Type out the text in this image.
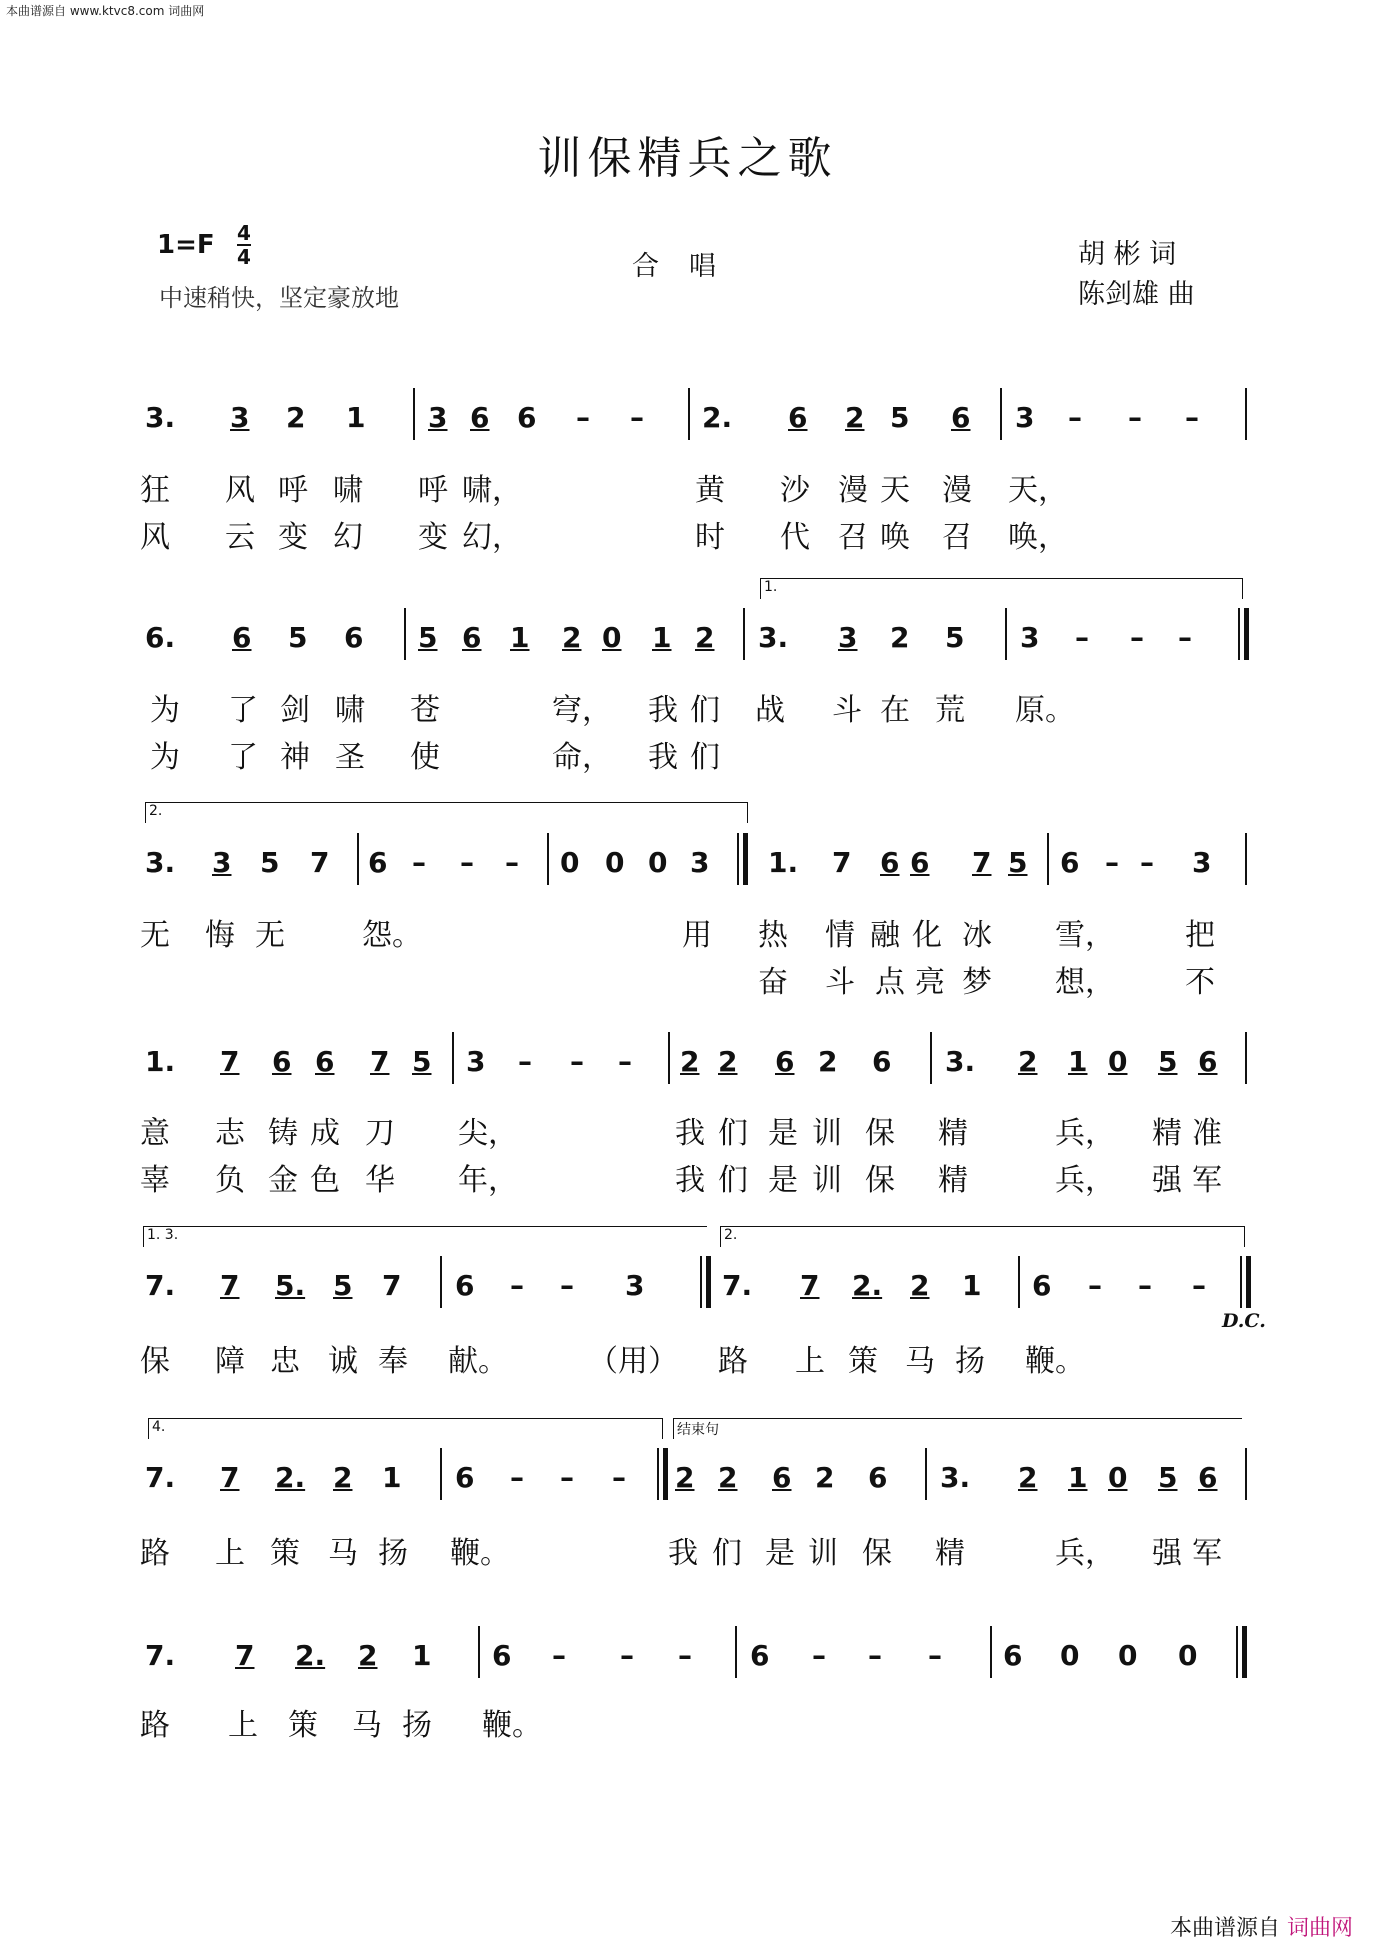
本曲谱源自 www.ktvc8.com 词曲网
训保精兵之歌
1=F 4
4
中速稍快，坚定豪放地
合唱	胡 彬 词
陈剑雄 曲
3. 3 2 1 3 6 6 – – 2. 6 2 5 6 3 – – –
狂 风 呼 啸 呼 啸，	黄 沙 漫 天 漫 天，
风 云 变 幻 变 幻，	时 代 召 唤 召 唤，
1.
6. 6 5 6 5 6 1 2 0 1 2 3. 3 2 5 3 – – –
为 了 剑 啸 苍	穹， 我 们 战 斗 在 荒 原。
为 了 神 圣 使	命， 我 们
2.
3. 3 5 7 6 – – – 0 0 0 3 1. 7 6 6 7 5 6 – – 3
无 悔 无	怨。	用 热 情 融 化 冰 雪， 把
奋 斗 点 亮 梦 想， 不
1. 7 6 6 7 5 3 – – – 2 2 6 2 6 3. 2 1 0 5 6
意 志 铸 成 刀 尖，	我 们 是 训 保 精	兵， 精 准
辜 负 金 色 华 年，	我 们 是 训 保 精	兵， 强 军
1. 3.	2.
7. 7 5. 5 7 6 – – 3	7. 7 2. 2 1 6 – – –
D.C.
保 障 忠 诚 奉 献。	（用） 路 上 策 马 扬 鞭。
4.	结束句
7. 7 2. 2 1 6 – – – 2 2 6 2 6 3. 2 1 0 5 6
路 上 策 马 扬 鞭。	我 们 是 训 保 精	兵， 强 军
7. 7 2. 2 1 6 – – – 6 – – – 6 0 0 0
路 上 策 马 扬 鞭。
本曲谱源自 词曲网
